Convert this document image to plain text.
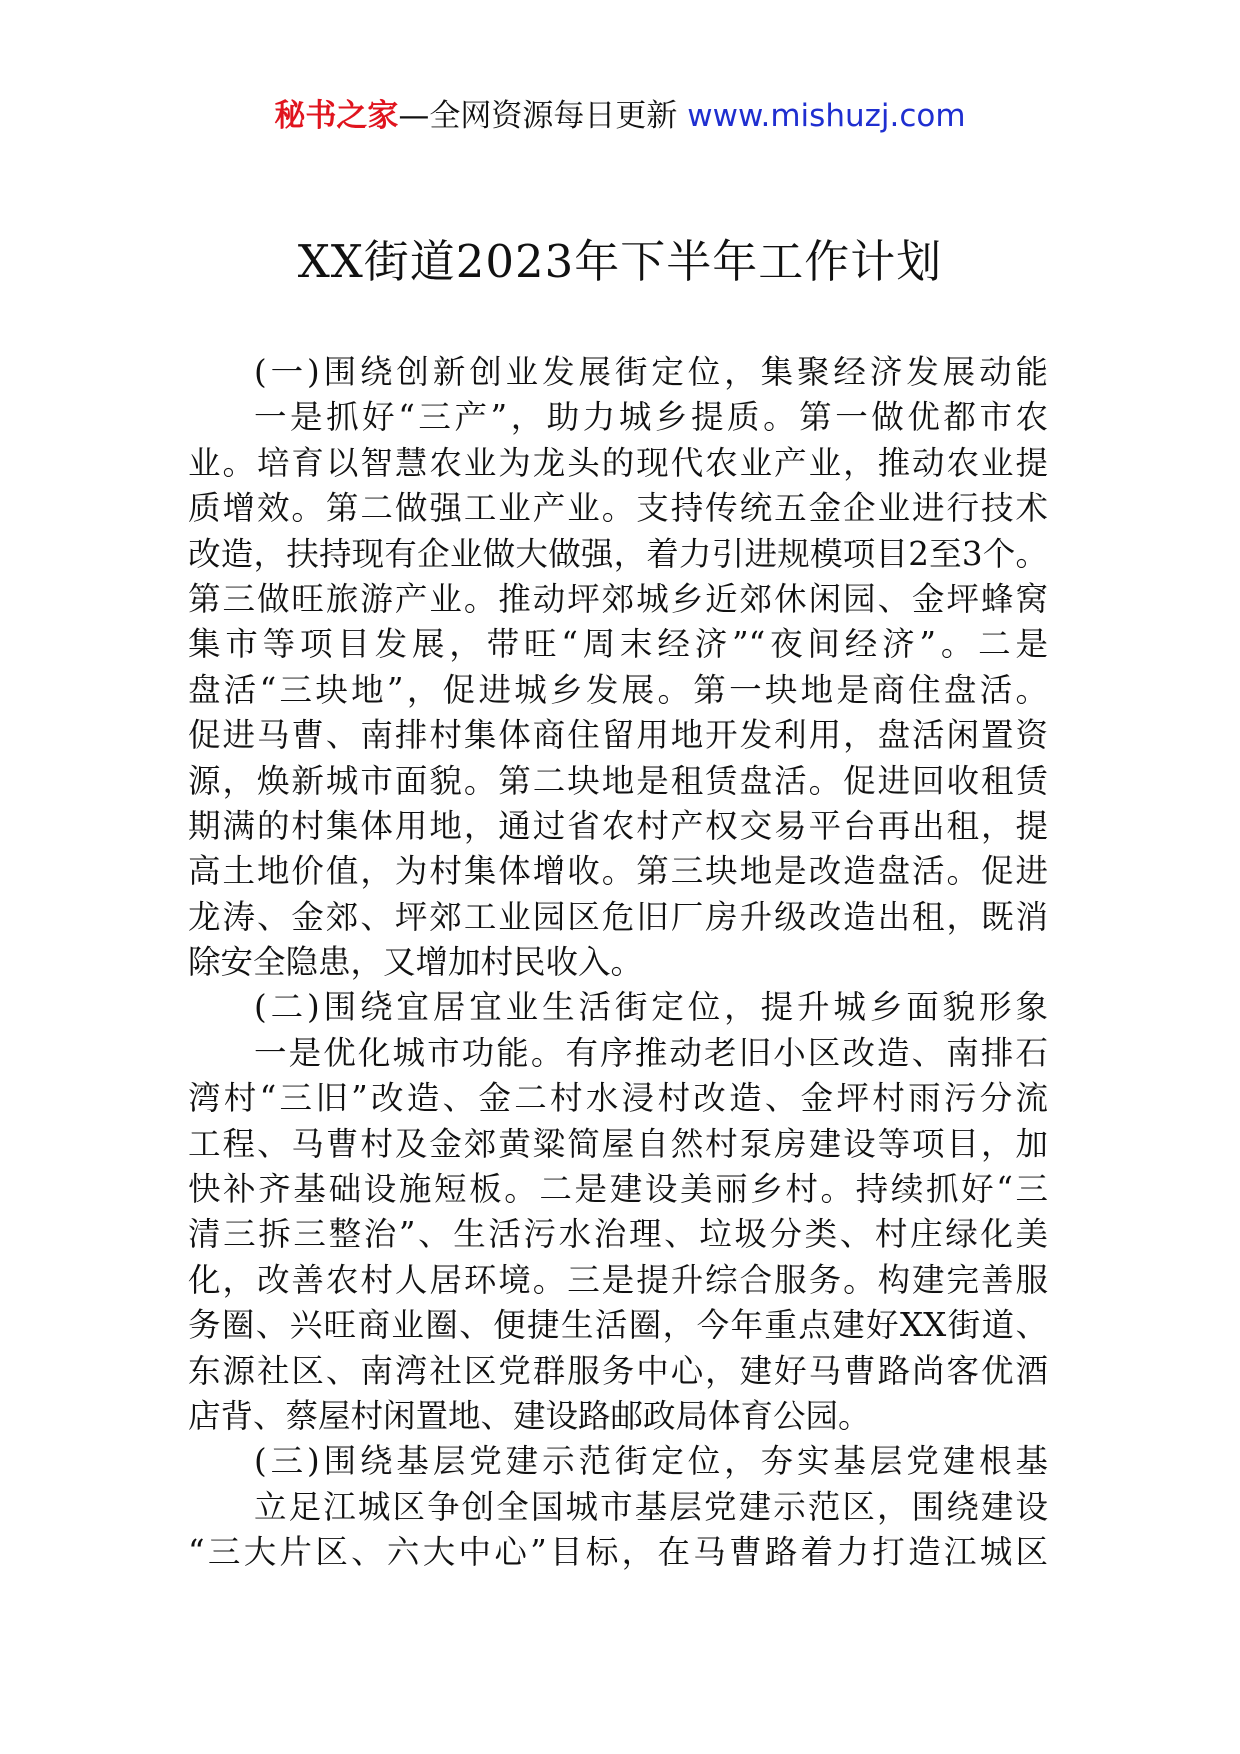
秘书之家—全网资源每日更新 www.mishuzj.com
XX街道2023年下半年工作计划
(一)围绕创新创业发展街定位，集聚经济发展动能
一是抓好“三产”，助力城乡提质。第一做优都市农
业。培育以智慧农业为龙头的现代农业产业，推动农业提
质增效。第二做强工业产业。支持传统五金企业进行技术
改造，扶持现有企业做大做强，着力引进规模项目2至3个。
第三做旺旅游产业。推动坪郊城乡近郊休闲园、金坪蜂窝
集市等项目发展，带旺“周末经济”“夜间经济”。二是
盘活“三块地”，促进城乡发展。第一块地是商住盘活。
促进马曹、南排村集体商住留用地开发利用，盘活闲置资
源，焕新城市面貌。第二块地是租赁盘活。促进回收租赁
期满的村集体用地，通过省农村产权交易平台再出租，提
高土地价值，为村集体增收。第三块地是改造盘活。促进
龙涛、金郊、坪郊工业园区危旧厂房升级改造出租，既消
除安全隐患，又增加村民收入。
(二)围绕宜居宜业生活街定位，提升城乡面貌形象
一是优化城市功能。有序推动老旧小区改造、南排石
湾村“三旧”改造、金二村水浸村改造、金坪村雨污分流
工程、马曹村及金郊黄粱简屋自然村泵房建设等项目，加
快补齐基础设施短板。二是建设美丽乡村。持续抓好“三
清三拆三整治”、生活污水治理、垃圾分类、村庄绿化美
化，改善农村人居环境。三是提升综合服务。构建完善服
务圈、兴旺商业圈、便捷生活圈，今年重点建好XX街道、
东源社区、南湾社区党群服务中心，建好马曹路尚客优酒
店背、蔡屋村闲置地、建设路邮政局体育公园。
(三)围绕基层党建示范街定位，夯实基层党建根基
立足江城区争创全国城市基层党建示范区，围绕建设
“三大片区、六大中心”目标，在马曹路着力打造江城区
